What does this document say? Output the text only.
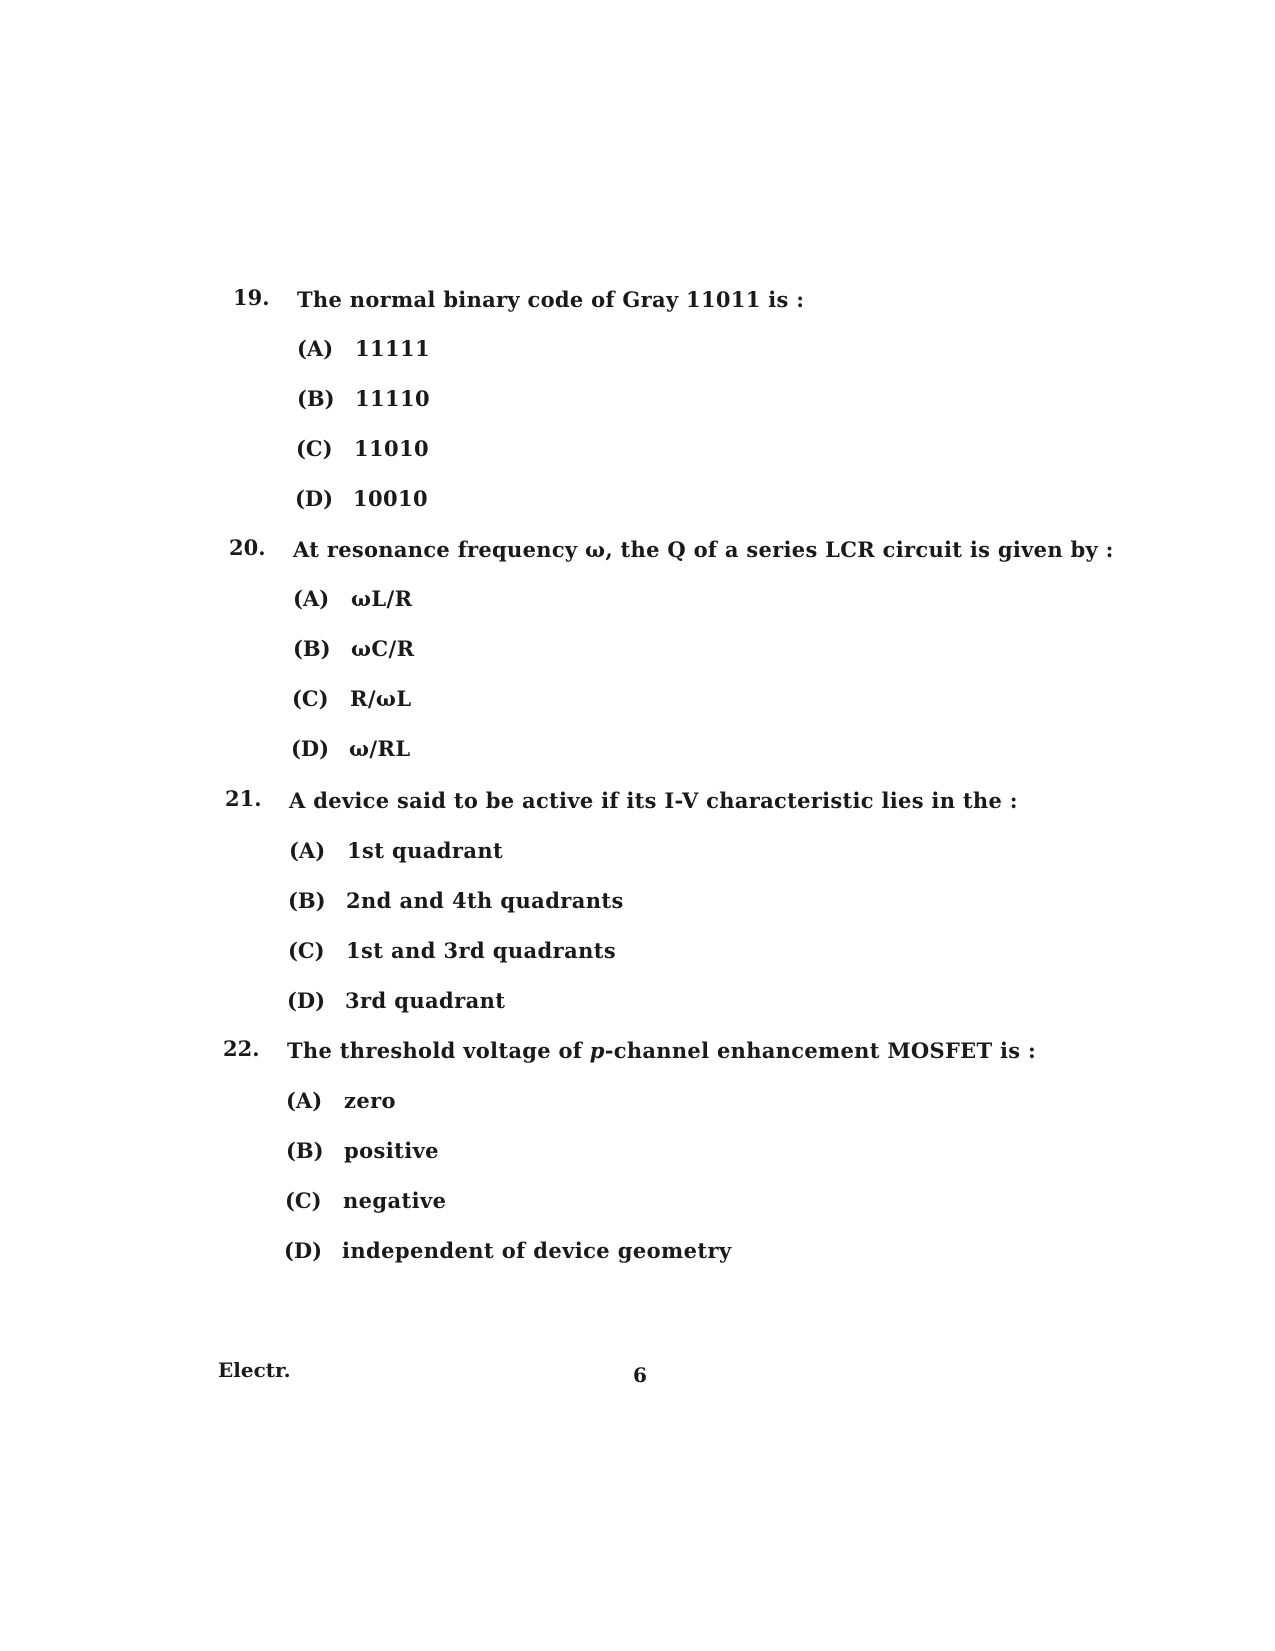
19. The normal binary code of Gray 11011 is :
(A) 11111
(B) 11110
(C) 11010
(D) 10010
20. At resonance frequency ω, the Q of a series LCR circuit is given by :
(A) ωL/R
(B) ωC/R
(C) R/ωL
(D) ω/RL
21. A device said to be active if its I-V characteristic lies in the :
(A) 1st quadrant
(B) 2nd and 4th quadrants
(C) 1st and 3rd quadrants
(D) 3rd quadrant
22. The threshold voltage of p-channel enhancement MOSFET is :
(A) zero
(B) positive
(C) negative
(D) independent of device geometry
Electr.	6
